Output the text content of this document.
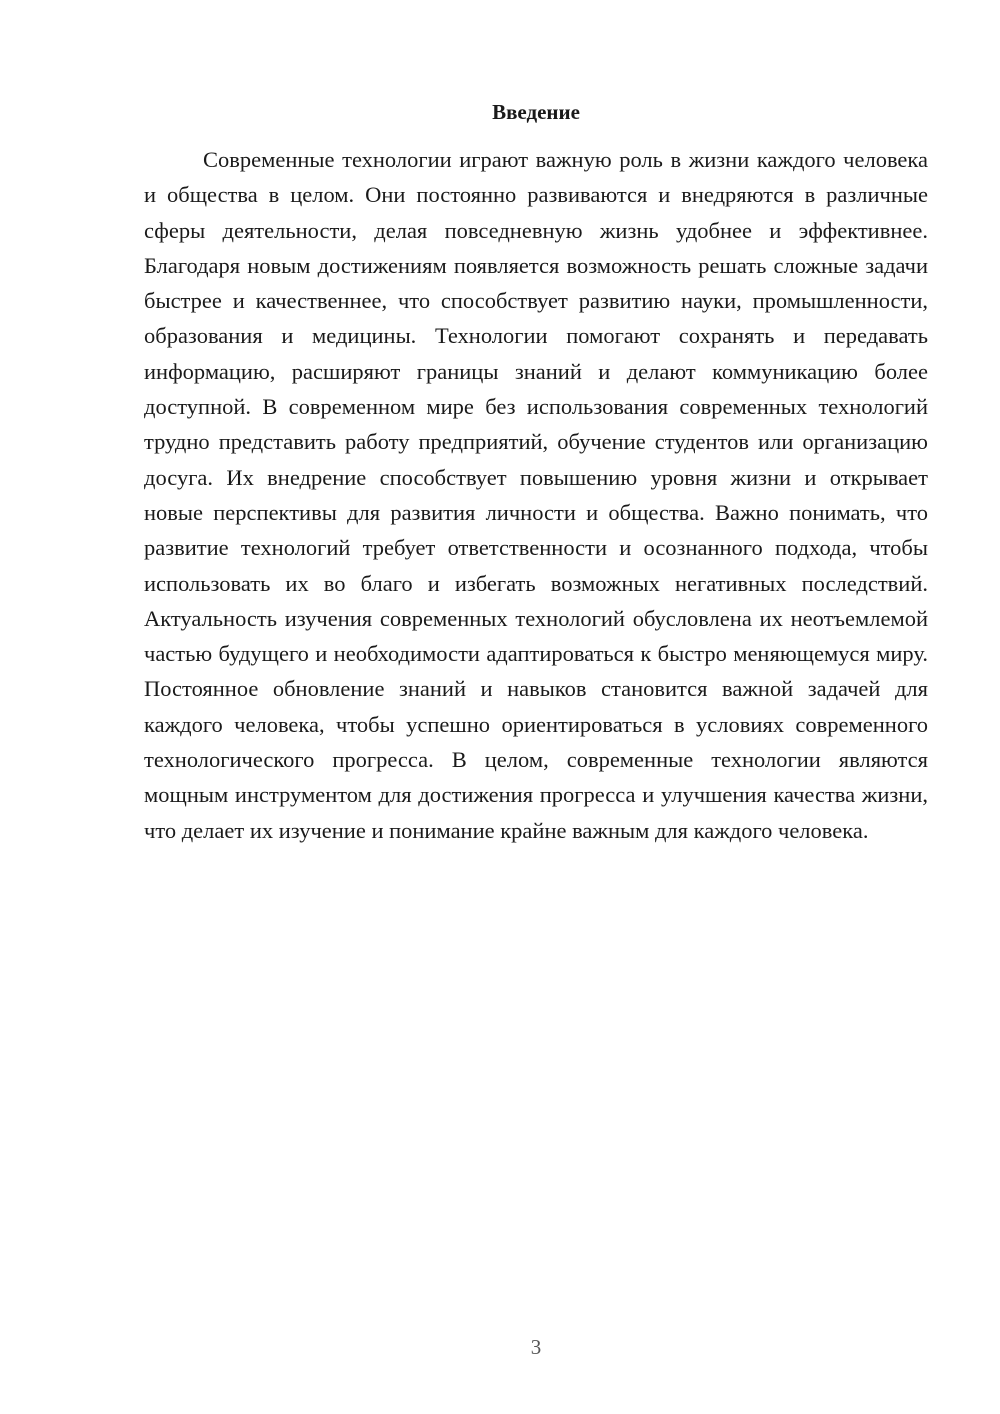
Введение

Современные технологии играют важную роль в жизни каждого человека и общества в целом. Они постоянно развиваются и внедряются в различные сферы деятельности, делая повседневную жизнь удобнее и эффективнее. Благодаря новым достижениям появляется возможность решать сложные задачи быстрее и качественнее, что способствует развитию науки, промышленности, образования и медицины. Технологии помогают сохранять и передавать информацию, расширяют границы знаний и делают коммуникацию более доступной. В современном мире без использования современных технологий трудно представить работу предприятий, обучение студентов или организацию досуга. Их внедрение способствует повышению уровня жизни и открывает новые перспективы для развития личности и общества. Важно понимать, что развитие технологий требует ответственности и осознанного подхода, чтобы использовать их во благо и избегать возможных негативных последствий. Актуальность изучения современных технологий обусловлена их неотъемлемой частью будущего и необходимости адаптироваться к быстро меняющемуся миру. Постоянное обновление знаний и навыков становится важной задачей для каждого человека, чтобы успешно ориентироваться в условиях современного технологического прогресса. В целом, современные технологии являются мощным инструментом для достижения прогресса и улучшения качества жизни, что делает их изучение и понимание крайне важным для каждого человека.

3
